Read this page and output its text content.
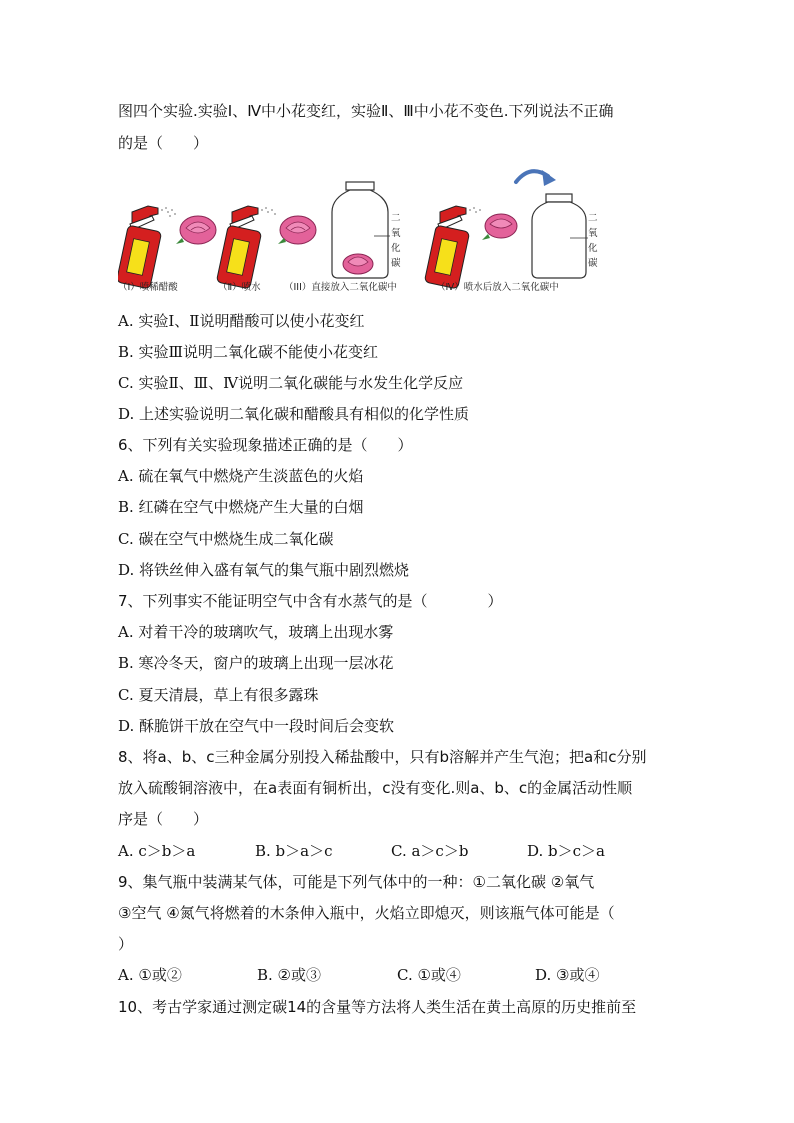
图四个实验.实验Ⅰ、Ⅳ中小花变红，实验Ⅱ、Ⅲ中小花不变色.下列说法不正确
的是（　　）
二
氧
化
碳
二
氧
化
碳
（I）喷稀醋酸	（Ⅱ）喷水 （III）直接放入二氧化碳中	（Ⅳ）喷水后放入二氧化碳中
A. 实验Ⅰ、Ⅱ说明醋酸可以使小花变红
B. 实验Ⅲ说明二氧化碳不能使小花变红
C. 实验Ⅱ、Ⅲ、Ⅳ说明二氧化碳能与水发生化学反应
D. 上述实验说明二氧化碳和醋酸具有相似的化学性质
6、下列有关实验现象描述正确的是（　　）
A. 硫在氧气中燃烧产生淡蓝色的火焰
B. 红磷在空气中燃烧产生大量的白烟
C. 碳在空气中燃烧生成二氧化碳
D. 将铁丝伸入盛有氧气的集气瓶中剧烈燃烧
7、下列事实不能证明空气中含有水蒸气的是（　　　　）
A. 对着干冷的玻璃吹气，玻璃上出现水雾
B. 寒冷冬天，窗户的玻璃上出现一层冰花
C. 夏天清晨，草上有很多露珠
D. 酥脆饼干放在空气中一段时间后会变软
8、将a、b、c三种金属分别投入稀盐酸中，只有b溶解并产生气泡；把a和c分别
放入硫酸铜溶液中，在a表面有铜析出，c没有变化.则a、b、c的金属活动性顺
序是（　　）
A. c＞b＞a	B. b＞a＞c	C. a＞c＞b	D. b＞c＞a
9、集气瓶中装满某气体，可能是下列气体中的一种：①二氧化碳 ②氧气
③空气 ④氮气将燃着的木条伸入瓶中，火焰立即熄灭，则该瓶气体可能是（
）
A. ①或②	B. ②或③	C. ①或④	D. ③或④
10、考古学家通过测定碳14的含量等方法将人类生活在黄土高原的历史推前至
